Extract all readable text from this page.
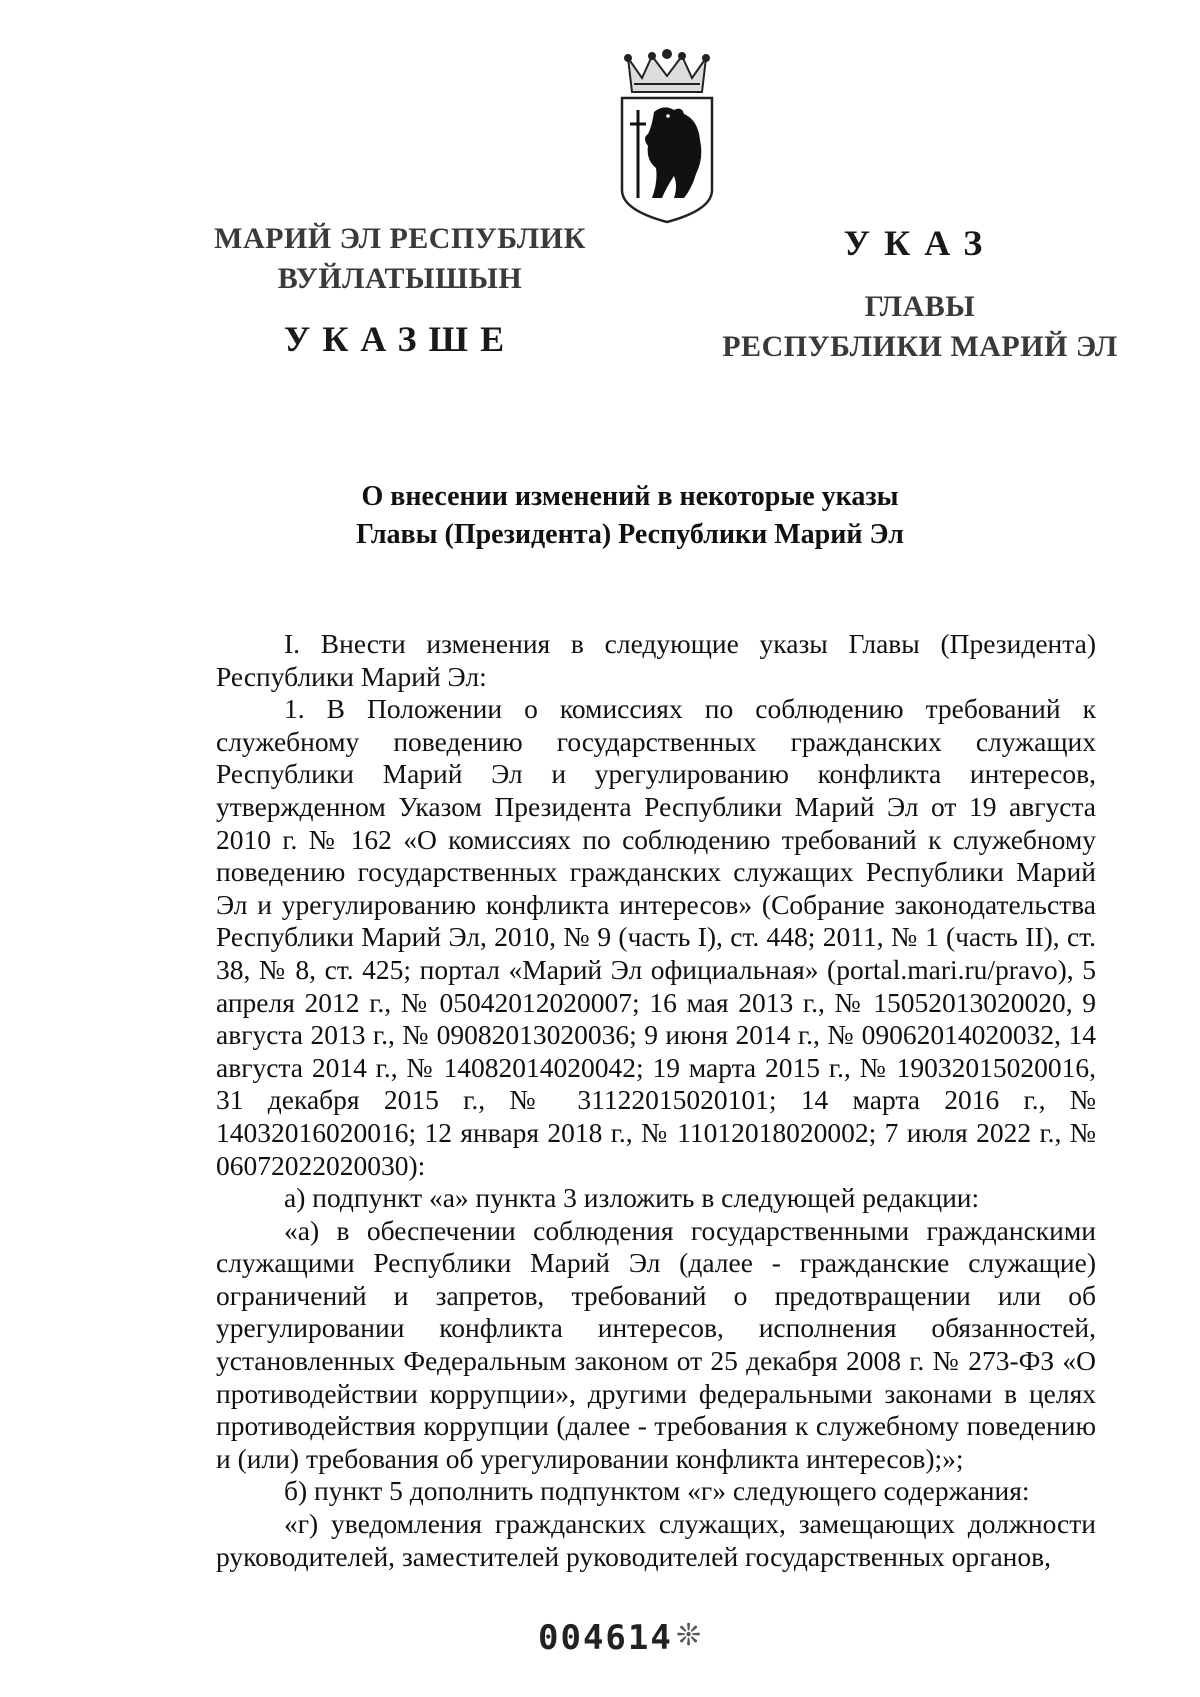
МАРИЙ ЭЛ РЕСПУБЛИК
ВУЙЛАТЫШЫН
УКАЗШЕ
УКАЗ
ГЛАВЫ
РЕСПУБЛИКИ МАРИЙ ЭЛ
О внесении изменений в некоторые указы
Главы (Президента) Республики Марий Эл

I. Внести изменения в следующие указы Главы (Президента) Республики Марий Эл:

1. В Положении о комиссиях по соблюдению требований к служебному поведению государственных гражданских служащих Республики Марий Эл и урегулированию конфликта интересов, утвержденном Указом Президента Республики Марий Эл от 19 августа 2010 г. № 162 «О комиссиях по соблюдению требований к служебному поведению государственных гражданских служащих Республики Марий Эл и урегулированию конфликта интересов» (Собрание законодательства Республики Марий Эл, 2010, № 9 (часть I), ст. 448; 2011, № 1 (часть II), ст. 38, № 8, ст. 425; портал «Марий Эл официальная» (portal.mari.ru/pravo), 5 апреля 2012 г., № 05042012020007; 16 мая 2013 г., № 15052013020020, 9 августа 2013 г., № 09082013020036; 9 июня 2014 г., № 09062014020032, 14 августа 2014 г., № 14082014020042; 19 марта 2015 г., № 19032015020016, 31 декабря 2015 г., № 31122015020101; 14 марта 2016 г., № 14032016020016; 12 января 2018 г., № 11012018020002; 7 июля 2022 г., № 06072022020030):

а) подпункт «а» пункта 3 изложить в следующей редакции:

«а) в обеспечении соблюдения государственными гражданскими служащими Республики Марий Эл (далее - гражданские служащие) ограничений и запретов, требований о предотвращении или об урегулировании конфликта интересов, исполнения обязанностей, установленных Федеральным законом от 25 декабря 2008 г. № 273-ФЗ «О противодействии коррупции», другими федеральными законами в целях противодействия коррупции (далее - требования к служебному поведению и (или) требования об урегулировании конфликта интересов);»;

б) пункт 5 дополнить подпунктом «г» следующего содержания:

«г) уведомления гражданских служащих, замещающих должности руководителей, заместителей руководителей государственных органов,

004614 ❊
